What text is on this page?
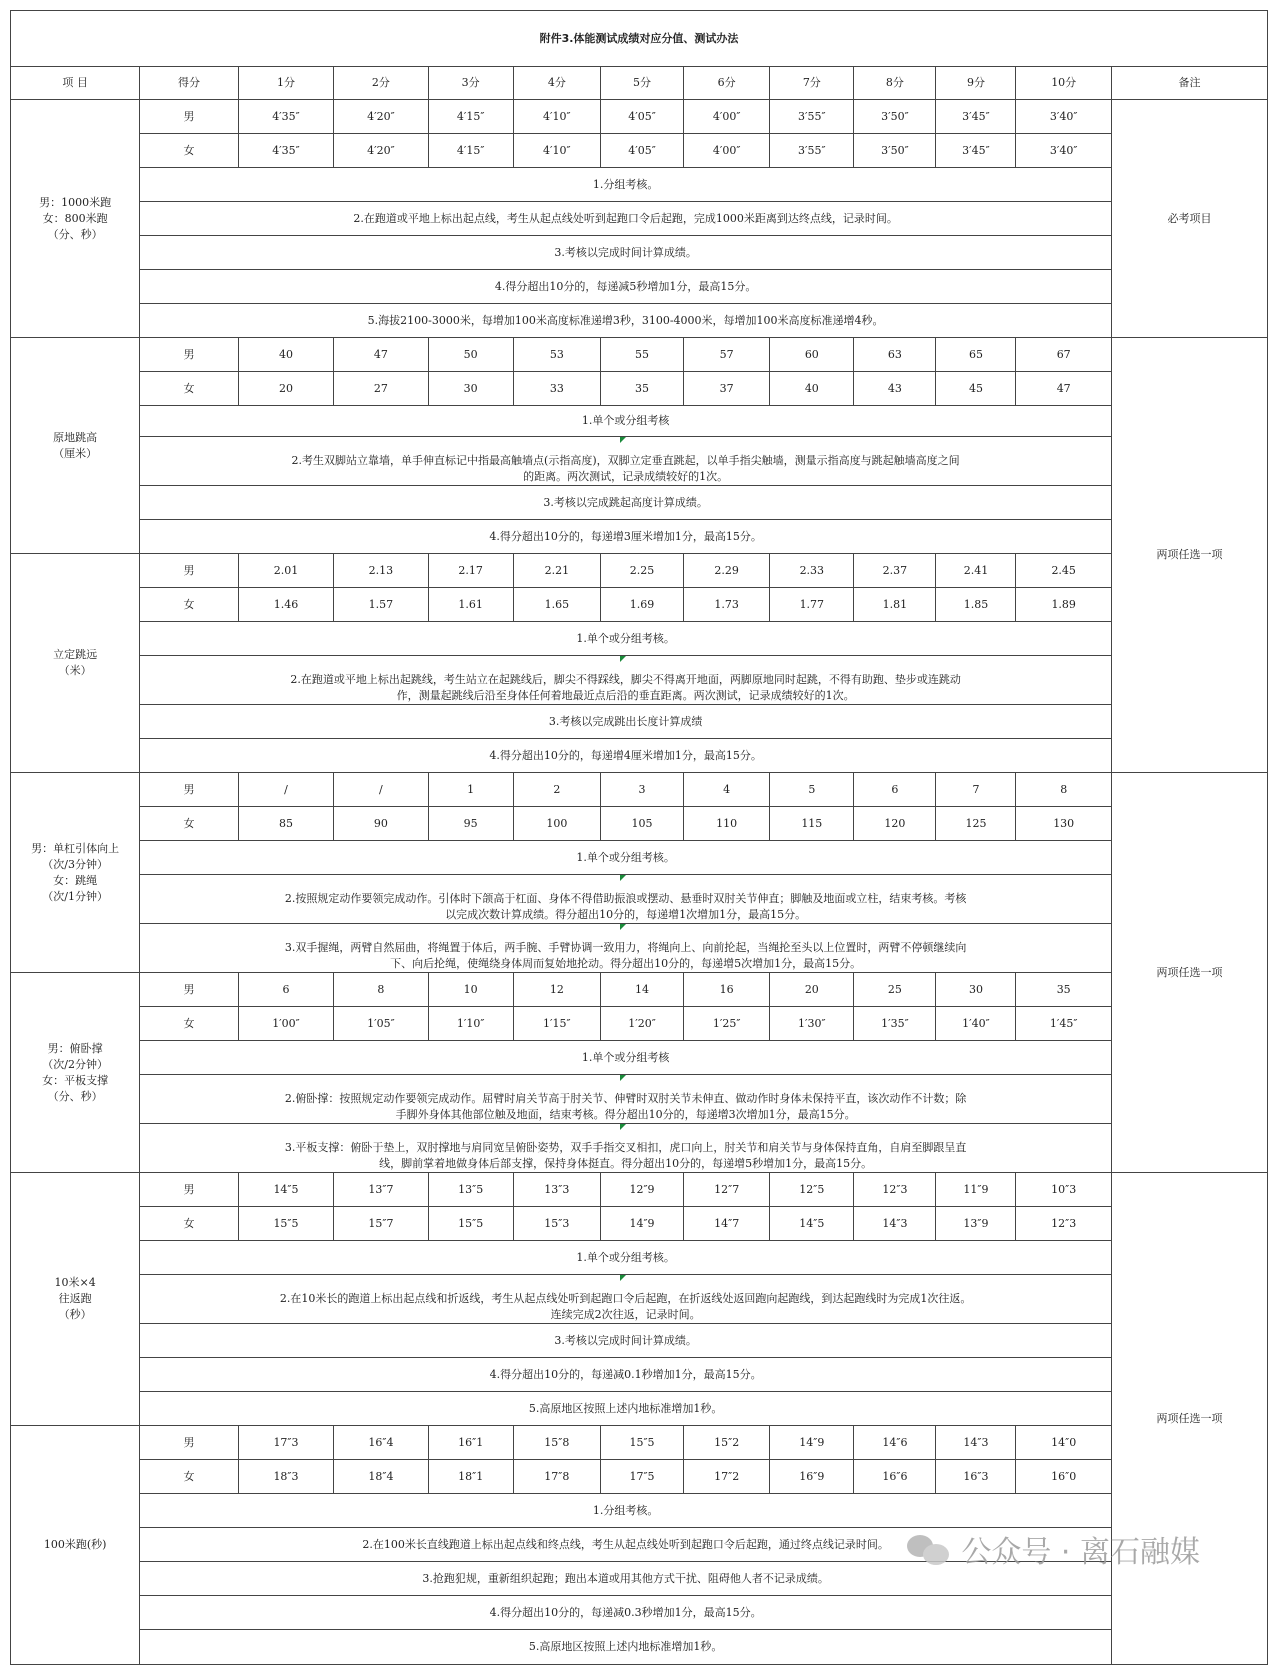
附件3.体能测试成绩对应分值、测试办法												
项 目	得分	1分	2分	3分	4分	5分	6分	7分	8分	9分	10分	备注

男：1000米跑
女：800米跑
（分、秒）	男	4′35″	4′20″	4′15″	4′10″	4′05″	4′00″	3′55″	3′50″	3′45″	3′40″	必考项目
	女	4′35″	4′20″	4′15″	4′10″	4′05″	4′00″	3′55″	3′50″	3′45″	3′40″	

	1.分组考核。											

	2.在跑道或平地上标出起点线，考生从起点线处听到起跑口令后起跑，完成1000米距离到达终点线，记录时间。											

	3.考核以完成时间计算成绩。											

	4.得分超出10分的，每递减5秒增加1分，最高15分。											

	5.海拔2100-3000米，每增加100米高度标准递增3秒，3100-4000米，每增加100米高度标准递增4秒。											

原地跳高
（厘米）	男	40	47	50	53	55	57	60	63	65	67	两项任选一项
	女	20	27	30	33	35	37	40	43	45	47	

	1.单个或分组考核											

	2.考生双脚站立靠墙，单手伸直标记中指最高触墙点(示指高度)，双脚立定垂直跳起，以单手指尖触墙，测量示指高度与跳起触墙高度之间
的距离。两次测试，记录成绩较好的1次。											

	3.考核以完成跳起高度计算成绩。											

	4.得分超出10分的，每递增3厘米增加1分，最高15分。											

立定跳远
（米）	男	2.01	2.13	2.17	2.21	2.25	2.29	2.33	2.37	2.41	2.45	
	女	1.46	1.57	1.61	1.65	1.69	1.73	1.77	1.81	1.85	1.89	

	1.单个或分组考核。											

	2.在跑道或平地上标出起跳线，考生站立在起跳线后，脚尖不得踩线，脚尖不得离开地面，两脚原地同时起跳，不得有助跑、垫步或连跳动
作，测量起跳线后沿至身体任何着地最近点后沿的垂直距离。两次测试，记录成绩较好的1次。											

	3.考核以完成跳出长度计算成绩											

	4.得分超出10分的，每递增4厘米增加1分，最高15分。											

男：单杠引体向上
（次/3分钟）
女：跳绳
（次/1分钟）	男	/	/	1	2	3	4	5	6	7	8	两项任选一项
	女	85	90	95	100	105	110	115	120	125	130	

	1.单个或分组考核。											

	2.按照规定动作要领完成动作。引体时下颌高于杠面、身体不得借助振浪或摆动、悬垂时双肘关节伸直；脚触及地面或立柱，结束考核。考核
以完成次数计算成绩。得分超出10分的，每递增1次增加1分，最高15分。											

	3.双手握绳，两臂自然屈曲，将绳置于体后，两手腕、手臂协调一致用力，将绳向上、向前抡起，当绳抡至头以上位置时，两臂不停顿继续向
下、向后抡绳，使绳绕身体周而复始地抡动。得分超出10分的，每递增5次增加1分，最高15分。											

男：俯卧撑
（次/2分钟）
女：平板支撑
（分、秒）	男	6	8	10	12	14	16	20	25	30	35	
	女	1′00″	1′05″	1′10″	1′15″	1′20″	1′25″	1′30″	1′35″	1′40″	1′45″	

	1.单个或分组考核											

	2.俯卧撑：按照规定动作要领完成动作。屈臂时肩关节高于肘关节、伸臂时双肘关节未伸直、做动作时身体未保持平直，该次动作不计数；除
手脚外身体其他部位触及地面，结束考核。得分超出10分的，每递增3次增加1分，最高15分。											

	3.平板支撑：俯卧于垫上，双肘撑地与肩同宽呈俯卧姿势，双手手指交叉相扣，虎口向上，肘关节和肩关节与身体保持直角，自肩至脚跟呈直
线，脚前掌着地做身体后部支撑，保持身体挺直。得分超出10分的，每递增5秒增加1分，最高15分。											

10米×4
往返跑
（秒）	男	14″5	13″7	13″5	13″3	12″9	12″7	12″5	12″3	11″9	10″3	两项任选一项
	女	15″5	15″7	15″5	15″3	14″9	14″7	14″5	14″3	13″9	12″3	

	1.单个或分组考核。											

	2.在10米长的跑道上标出起点线和折返线，考生从起点线处听到起跑口令后起跑，在折返线处返回跑向起跑线，到达起跑线时为完成1次往返。
连续完成2次往返，记录时间。											

	3.考核以完成时间计算成绩。											

	4.得分超出10分的，每递减0.1秒增加1分，最高15分。											

	5.高原地区按照上述内地标准增加1秒。											

100米跑(秒)	男	17″3	16″4	16″1	15″8	15″5	15″2	14″9	14″6	14″3	14″0	
	女	18″3	18″4	18″1	17″8	17″5	17″2	16″9	16″6	16″3	16″0	

	1.分组考核。											

	2.在100米长直线跑道上标出起点线和终点线，考生从起点线处听到起跑口令后起跑，通过终点线记录时间。											

	3.抢跑犯规，重新组织起跑；跑出本道或用其他方式干扰、阻碍他人者不记录成绩。											

	4.得分超出10分的，每递减0.3秒增加1分，最高15分。											

	5.高原地区按照上述内地标准增加1秒。											
公众号 · 离石融媒
